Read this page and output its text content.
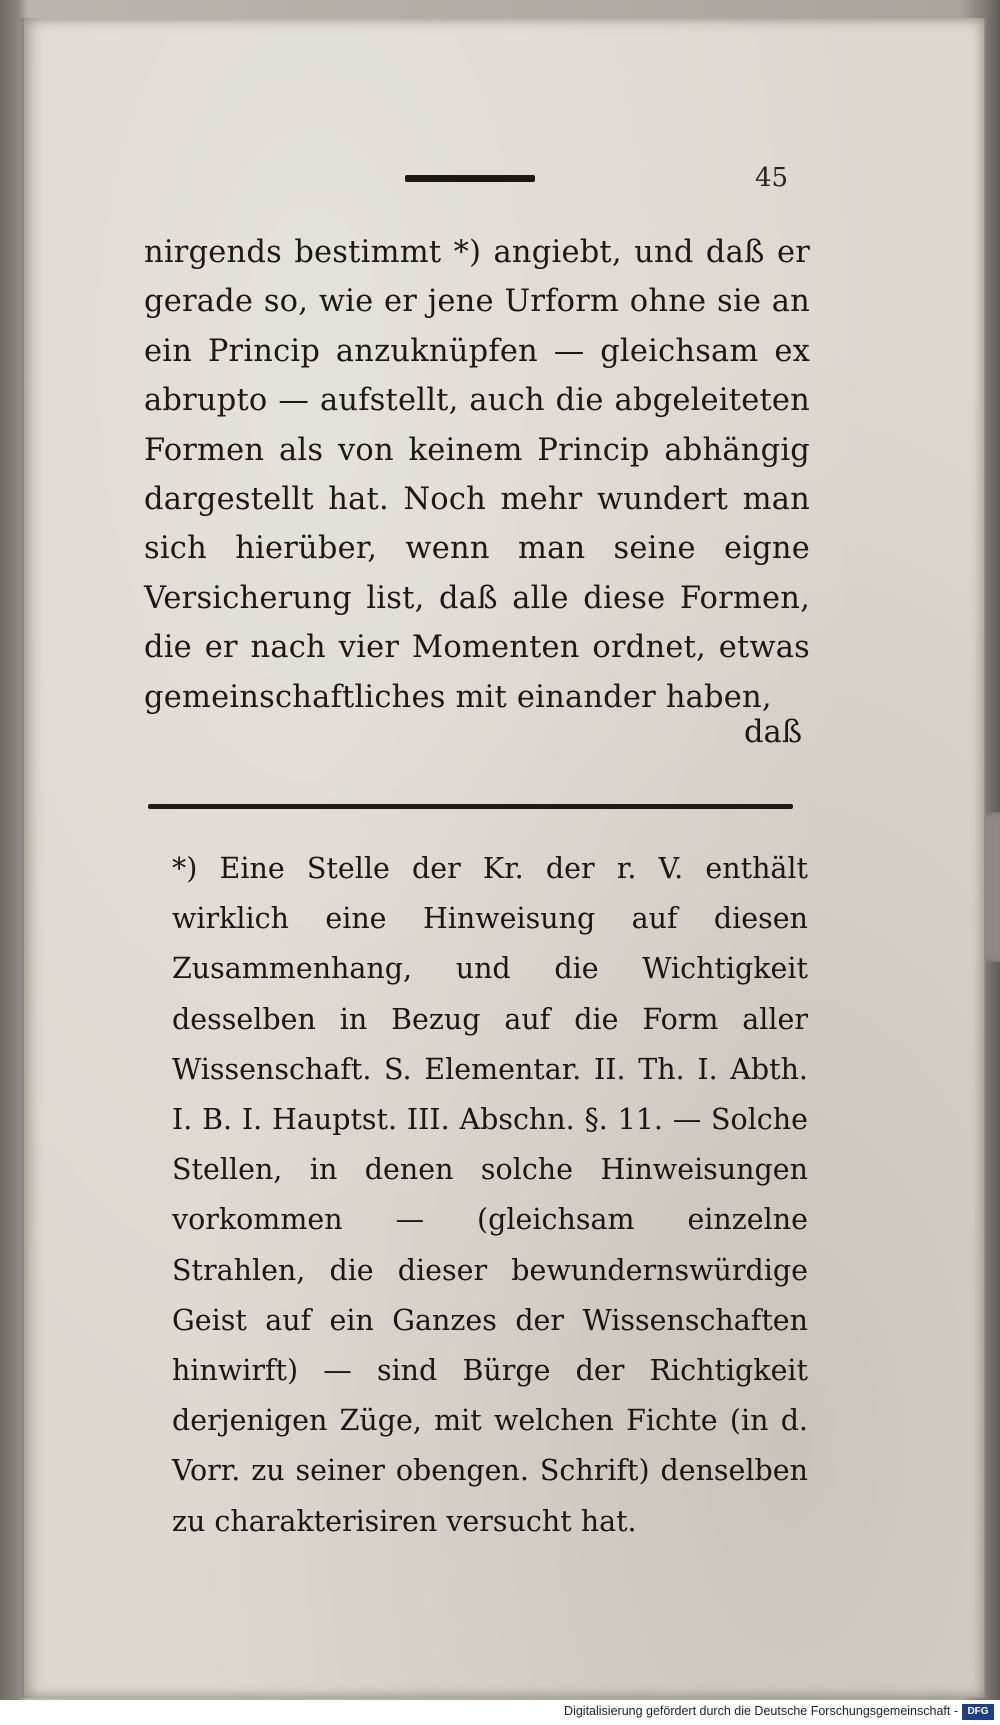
45

nirgends bestimmt *) angiebt, und daß er gerade so, wie er jene Urform ohne sie an ein Princip anzuknüpfen — gleichsam ex abrupto — aufstellt, auch die abgeleiteten Formen als von keinem Princip abhängig dargestellt hat. Noch mehr wundert man sich hierüber, wenn man seine eigne Versicherung list, daß alle diese Formen, die er nach vier Momenten ordnet, etwas gemeinschaftliches mit einander haben,

daß

*) Eine Stelle der Kr. der r. V. enthält wirklich eine Hinweisung auf diesen Zusammenhang, und die Wichtigkeit desselben in Bezug auf die Form aller Wissenschaft. S. Elementar. II. Th. I. Abth. I. B. I. Hauptst. III. Abschn. §. 11. — Solche Stellen, in denen solche Hinweisungen vorkommen — (gleichsam einzelne Strahlen, die dieser bewundernswürdige Geist auf ein Ganzes der Wissenschaften hinwirft) — sind Bürge der Richtigkeit derjenigen Züge, mit welchen Fichte (in d. Vorr. zu seiner obengen. Schrift) denselben zu charakterisiren versucht hat.

Digitalisierung gefördert durch die Deutsche Forschungsgemeinschaft - DFG
